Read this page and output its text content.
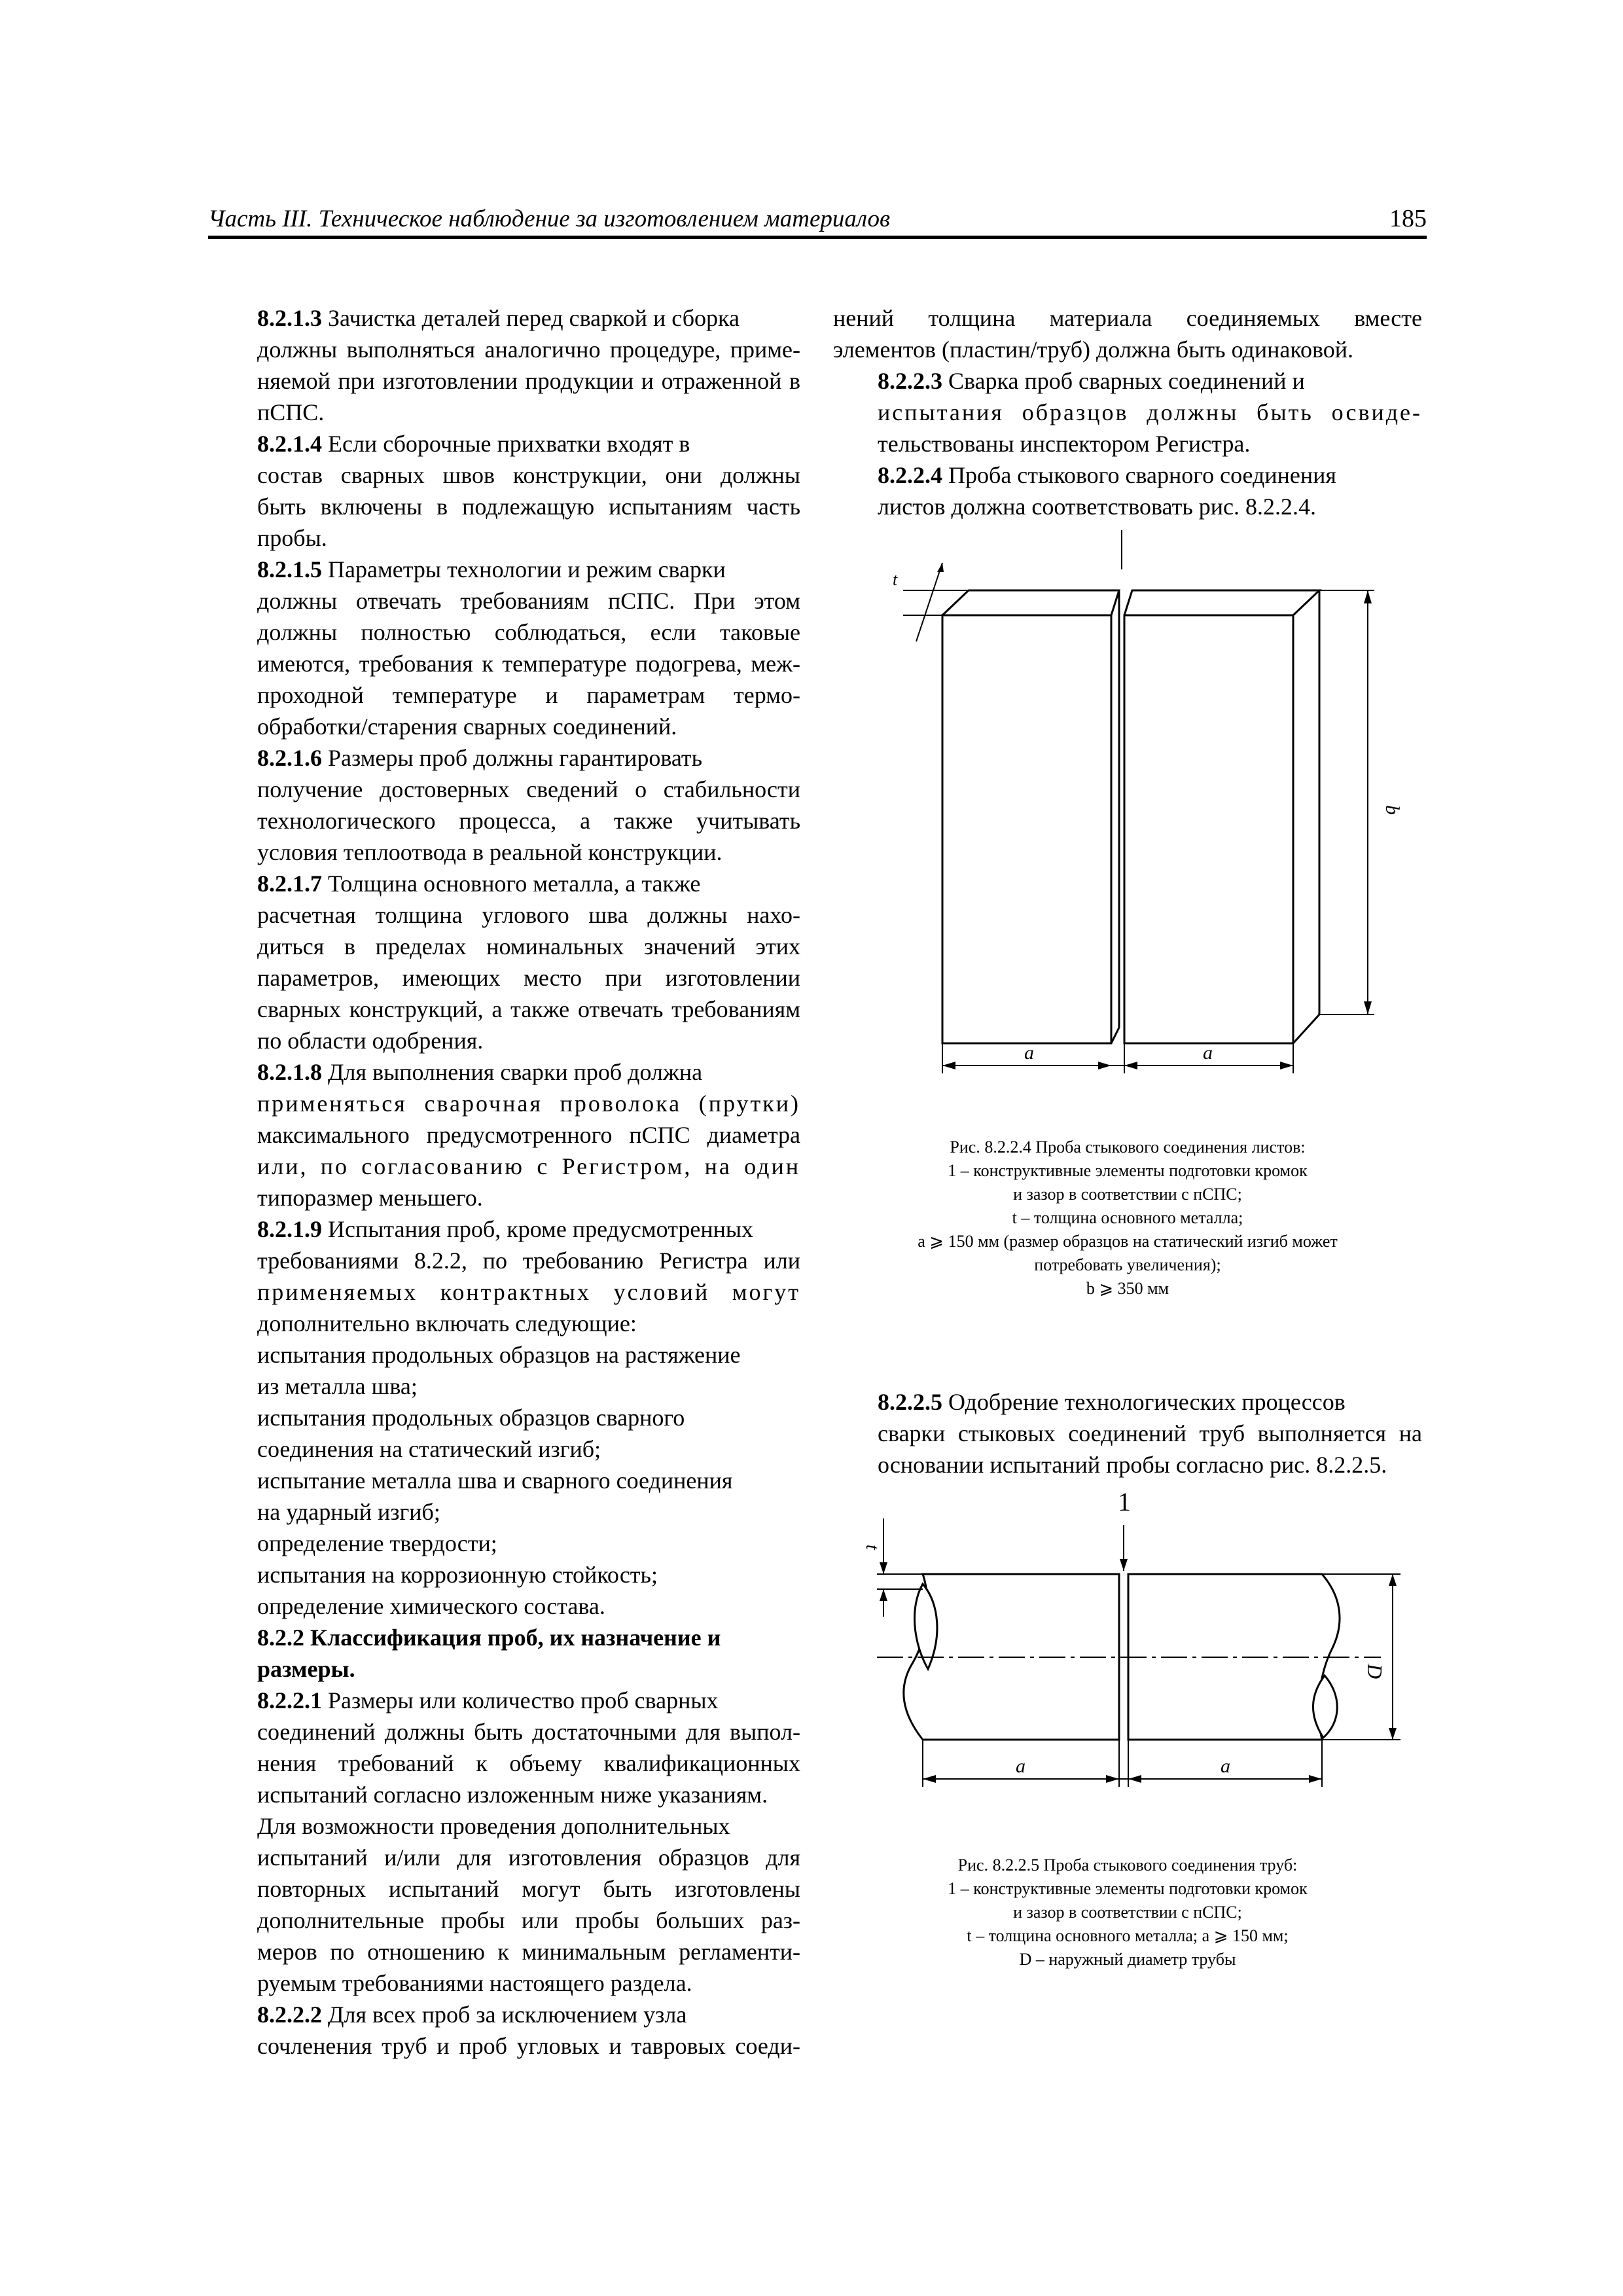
Часть III. Техническое наблюдение за изготовлением материалов	185

8.2.1.3 Зачистка деталей перед сваркой и сборка
должны выполняться аналогично процедуре, приме-
няемой при изготовлении продукции и отраженной в
пСПС.

8.2.1.4 Если сборочные прихватки входят в
состав сварных швов конструкции, они должны
быть включены в подлежащую испытаниям часть
пробы.

8.2.1.5 Параметры технологии и режим сварки
должны отвечать требованиям пСПС. При этом
должны полностью соблюдаться, если таковые
имеются, требования к температуре подогрева, меж-
проходной температуре и параметрам термо-
обработки/старения сварных соединений.

8.2.1.6 Размеры проб должны гарантировать
получение достоверных сведений о стабильности
технологического процесса, а также учитывать
условия теплоотвода в реальной конструкции.

8.2.1.7 Толщина основного металла, а также
расчетная толщина углового шва должны нахо-
диться в пределах номинальных значений этих
параметров, имеющих место при изготовлении
сварных конструкций, а также отвечать требованиям
по области одобрения.

8.2.1.8 Для выполнения сварки проб должна
применяться сварочная проволока (прутки)
максимального предусмотренного пСПС диаметра
или, по согласованию с Регистром, на один
типоразмер меньшего.

8.2.1.9 Испытания проб, кроме предусмотренных
требованиями 8.2.2, по требованию Регистра или
применяемых контрактных условий могут
дополнительно включать следующие:

испытания продольных образцов на растяжение
из металла шва;

испытания продольных образцов сварного
соединения на статический изгиб;

испытание металла шва и сварного соединения
на ударный изгиб;

определение твердости;

испытания на коррозионную стойкость;

определение химического состава.

8.2.2 Классификация проб, их назначение и
размеры.

8.2.2.1 Размеры или количество проб сварных
соединений должны быть достаточными для выпол-
нения требований к объему квалификационных
испытаний согласно изложенным ниже указаниям.

Для возможности проведения дополнительных
испытаний и/или для изготовления образцов для
повторных испытаний могут быть изготовлены
дополнительные пробы или пробы больших раз-
меров по отношению к минимальным регламенти-
руемым требованиями настоящего раздела.

8.2.2.2 Для всех проб за исключением узла
сочленения труб и проб угловых и тавровых соеди-

нений толщина материала соединяемых вместе
элементов (пластин/труб) должна быть одинаковой.

8.2.2.3 Сварка проб сварных соединений и
испытания образцов должны быть освиде-
тельствованы инспектором Регистра.

8.2.2.4 Проба стыкового сварного соединения
листов должна соответствовать рис. 8.2.2.4.

t
b
a	a
Рис. 8.2.2.4 Проба стыкового соединения листов:
1 – конструктивные элементы подготовки кромок
и зазор в соответствии с пСПС;
t – толщина основного металла;
a ⩾ 150 мм (размер образцов на статический изгиб может
потребовать увеличения);
b ⩾ 350 мм

8.2.2.5 Одобрение технологических процессов
сварки стыковых соединений труб выполняется на
основании испытаний пробы согласно рис. 8.2.2.5.

1
t
D
a	a
Рис. 8.2.2.5 Проба стыкового соединения труб:
1 – конструктивные элементы подготовки кромок
и зазор в соответствии с пСПС;
t – толщина основного металла; a ⩾ 150 мм;
D – наружный диаметр трубы
